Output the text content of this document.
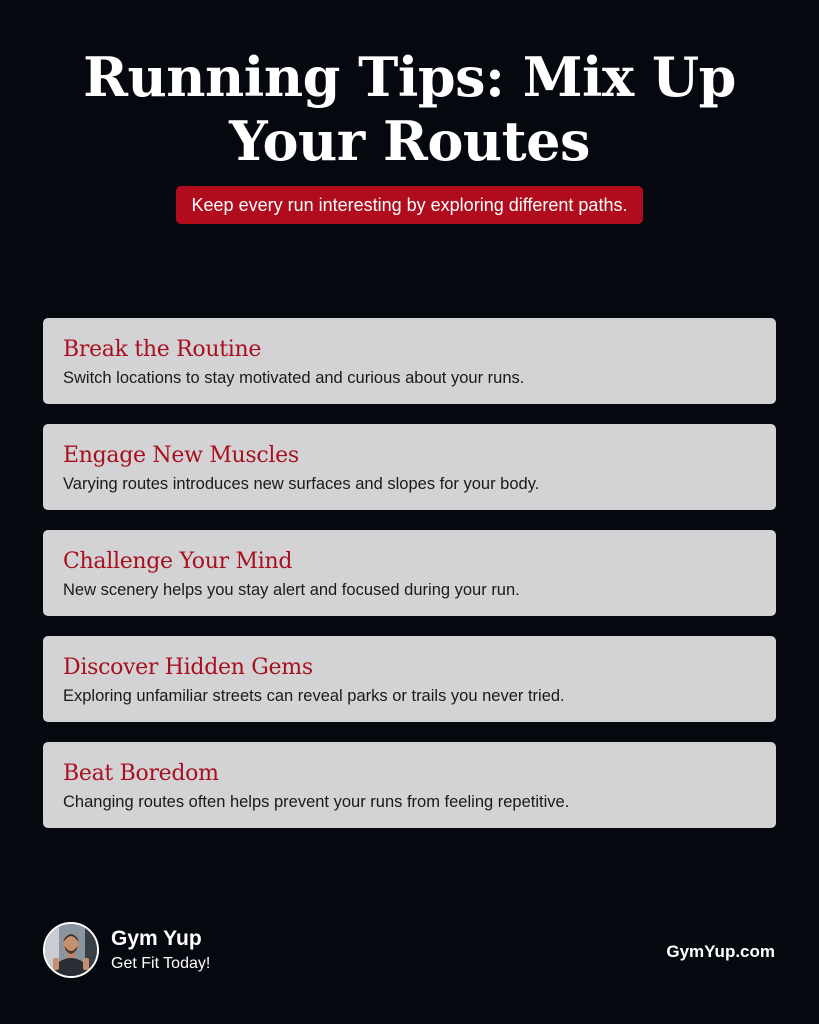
Running Tips: Mix Up Your Routes
Keep every run interesting by exploring different paths.
Break the Routine
Switch locations to stay motivated and curious about your runs.
Engage New Muscles
Varying routes introduces new surfaces and slopes for your body.
Challenge Your Mind
New scenery helps you stay alert and focused during your run.
Discover Hidden Gems
Exploring unfamiliar streets can reveal parks or trails you never tried.
Beat Boredom
Changing routes often helps prevent your runs from feeling repetitive.
Gym Yup
Get Fit Today!
GymYup.com
